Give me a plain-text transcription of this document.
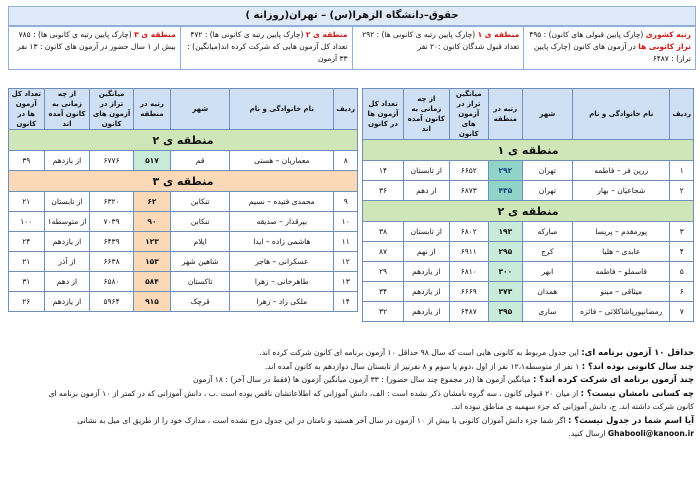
حقوق–دانشگاه الزهرا(س) – تهران(روزانه )
رتبه کشوری (چارک پایین قبولی های کانون) : ۴۹۵
تراز کانونی ها در آزمون های کانون (چارک پایین تراز) : ۶۴۸۷
منطقه ی ۱ (چارک پایین رتبه ی کانونی ها) : ۲۹۲
تعداد قبول شدگان کانون :۲۰ نفر
منطقه ی ۲ (چارک پایین رتبه ی کانونی ها) : ۴۷۲
تعداد کل آزمون هایی که شرکت کرده اند(میانگین) : ۳۳ آزمون
منطقه ی ۳ (چارک پایین رتبه ی کانونی ها) : ۷۸۵
بیش از ۱ سال حضور در آزمون های کانون : ۱۳ نفر
ردیف	نام خانوادگی و نام	شهر	رتبه در منطقه	میانگین تراز در آزمون های کانون	از چه زمانی به کانون آمده اند	تعداد کل آزمون ها در کانون
منطقه ی ۱						
۱	زرین فر – فاطمه	تهران	۲۹۲	۶۶۵۲	از تابستان	۱۴
۲	شجاعیان – بهار	تهران	۴۳۵	۶۸۷۳	از دهم	۳۶
منطقه ی ۲						
۳	پورمقدم – پریسا	مبارکه	۱۹۳	۶۸۰۲	از تابستان	۳۸
۴	عابدی – هلیا	کرج	۲۹۵	۶۹۱۱	از نهم	۸۷
۵	قاسملو – فاطمه	ابهر	۳۰۰	۶۸۱۰	از یازدهم	۲۹
۶	میثاقی – مینو	همدان	۳۷۳	۶۶۶۹	از یازدهم	۳۴
۷	رمضانپورپاشاکلائی – فائزه	ساری	۳۹۵	۶۴۸۷	از یازدهم	۳۲
ردیف	نام خانوادگی و نام	شهر	رتبه در منطقه	میانگین تراز در آزمون های کانون	از چه زمانی به کانون آمده اند	تعداد کل آزمون ها در کانون
منطقه ی ۲						
۸	معماریان – هستی	قم	۵۱۷	۶۷۷۶	از یازدهم	۳۹
منطقه ی ۳						
۹	محمدی فتیده – نسیم	تنکابن	۶۲	۶۳۲۰	از تابستان	۲۱
۱۰	بیرقدار – صدیقه	تنکابن	۹۰	۷۰۳۹	از متوسطه۱	۱۰۰
۱۱	هاشمی زاده – ایدا	ایلام	۱۲۳	۶۴۳۹	از یازدهم	۲۴
۱۲	عسکرانی – هاجر	شاهین شهر	۱۵۳	۶۶۳۸	از آذر	۲۱
۱۳	طاهرخانی – زهرا	تاکستان	۵۸۴	۶۵۸۰	از دهم	۳۱
۱۴	ملکی زاد – زهرا	قرچک	۹۱۵	۵۹۶۴	از یازدهم	۲۶
حداقل ۱۰ آزمون برنامه ای: این جدول مربوط به کانونی هایی است که سال ۹۸ حداقل ۱۰ آزمون برنامه ای کانون شرکت کرده اند.
چند سال کانونی بوده اند؟ : ۱ نفر از متوسطه۱۲،۱ نفر از اول ،دوم یا سوم و ۸ نفرنیز از تابستان سال دوازدهم به کانون آمده اند.
چند آزمون برنامه ای شرکت کرده اند؟ : میانگین آزمون ها (در مجموع چند سال حضور) : ۳۳ آزمون میانگین آزمون ها (فقط در سال آخر) : ۱۸ آزمون
چه کسانی نامشان نیست؟ : از میان ۲۰ قبولی کانون ، سه گروه نامشان ذکر نشده است : الف، دانش آموزانی که اطلاعاتشان ناقص بوده است .ب ، دانش آموزانی که در کمتر از ۱۰ آزمون برنامه ای
کانون شرکت داشته اند. ج، دانش آموزانی که جزء سهمیه ی مناطق نبوده اند.
آیا اسم شما در جدول نیست؟ : اگر شما جزء دانش آموزان کانونی با بیش از ۱۰ آزمون در سال آخر هستید و نامتان در این جدول درج نشده است ، مدارک خود را از طریق ای میل به نشانی
Ghabooli@kanoon.ir ارسال کنید.
